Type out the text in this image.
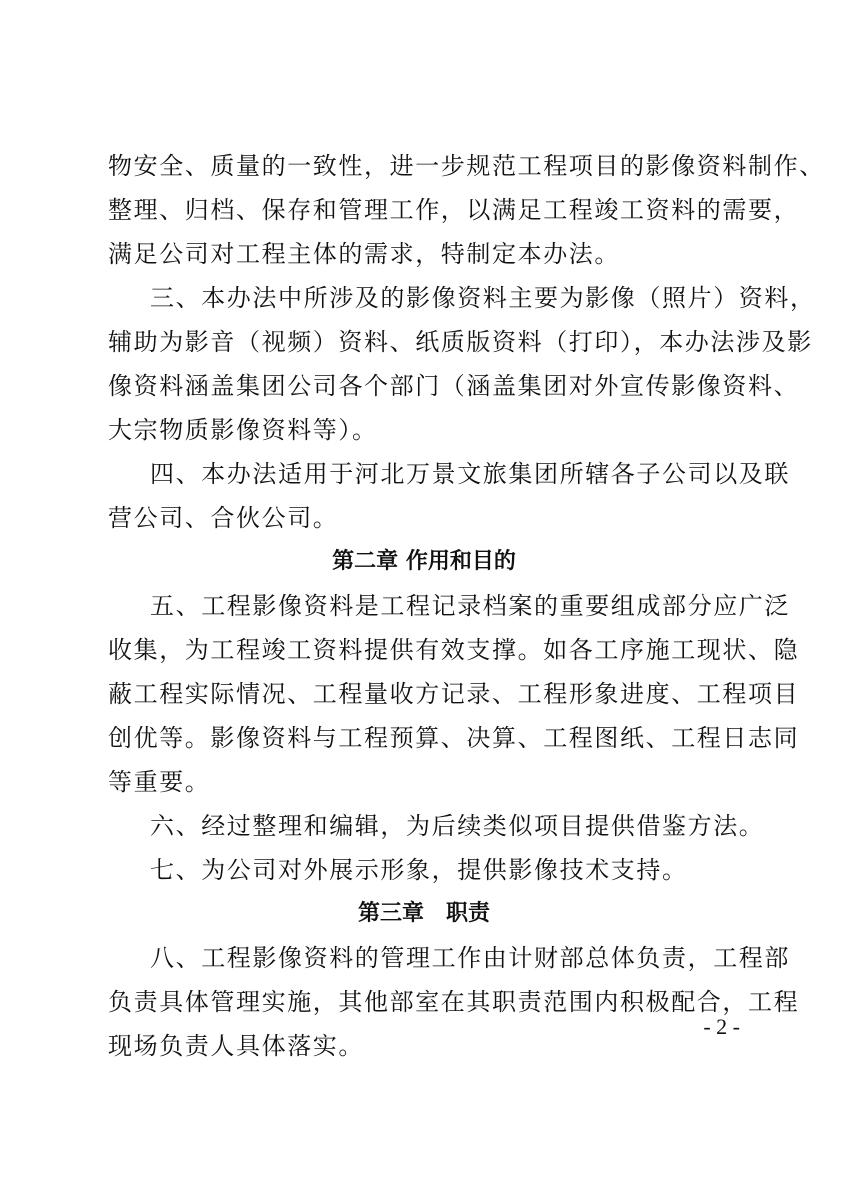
物安全、质量的一致性，进一步规范工程项目的影像资料制作、
整理、归档、保存和管理工作，以满足工程竣工资料的需要，
满足公司对工程主体的需求，特制定本办法。
三、本办法中所涉及的影像资料主要为影像（照片）资料，
辅助为影音（视频）资料、纸质版资料（打印），本办法涉及影
像资料涵盖集团公司各个部门（涵盖集团对外宣传影像资料、
大宗物质影像资料等）。
四、本办法适用于河北万景文旅集团所辖各子公司以及联
营公司、合伙公司。
第二章 作用和目的
五、工程影像资料是工程记录档案的重要组成部分应广泛
收集，为工程竣工资料提供有效支撑。如各工序施工现状、隐
蔽工程实际情况、工程量收方记录、工程形象进度、工程项目
创优等。影像资料与工程预算、决算、工程图纸、工程日志同
等重要。
六、经过整理和编辑，为后续类似项目提供借鉴方法。
七、为公司对外展示形象，提供影像技术支持。
第三章　职责
八、工程影像资料的管理工作由计财部总体负责，工程部
负责具体管理实施，其他部室在其职责范围内积极配合，工程
现场负责人具体落实。
- 2 -
